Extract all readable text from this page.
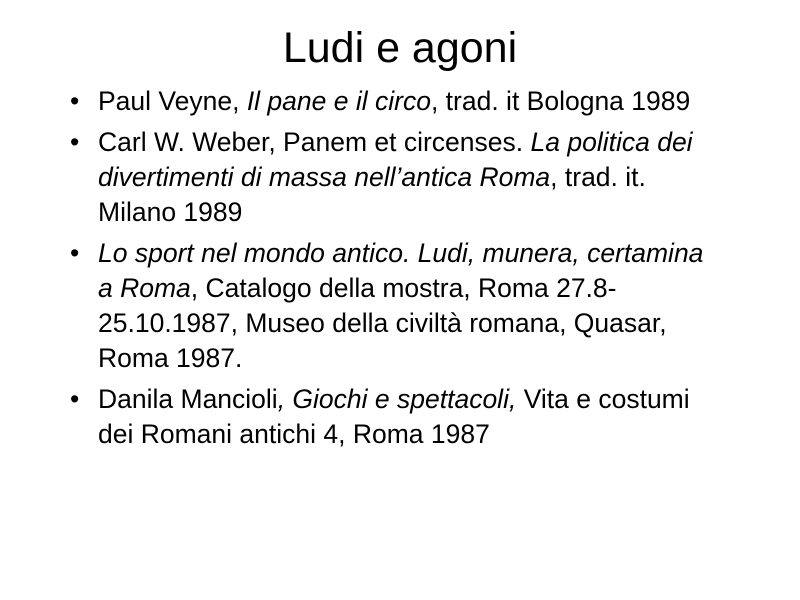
Ludi e agoni
• Paul Veyne, Il pane e il circo, trad. it Bologna 1989
• Carl W. Weber, Panem et circenses. La politica dei divertimenti di massa nell’antica Roma, trad. it. Milano 1989
• Lo sport nel mondo antico. Ludi, munera, certamina a Roma, Catalogo della mostra, Roma 27.8-25.10.1987, Museo della civiltà romana, Quasar, Roma 1987.
• Danila Mancioli, Giochi e spettacoli, Vita e costumi dei Romani antichi 4, Roma 1987
